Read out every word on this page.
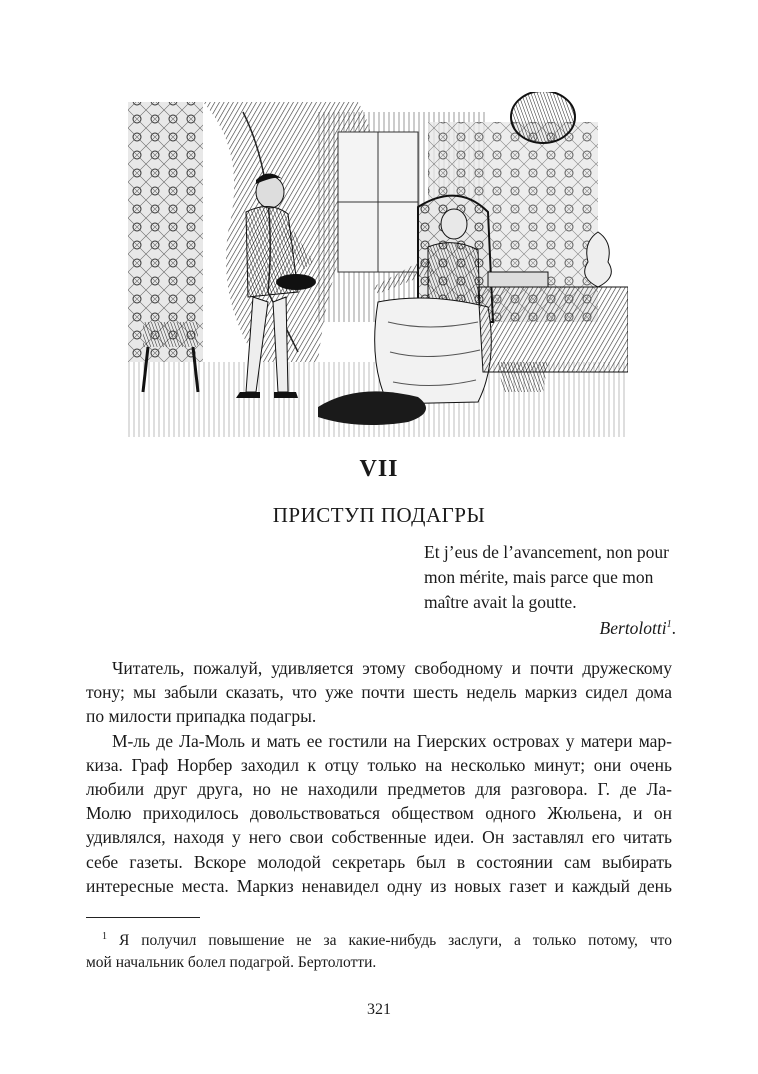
VII
ПРИСТУП ПОДАГРЫ
Et j’eus de l’avancement, non pour
mon mérite, mais parce que mon
maître avait la goutte.
Bertolotti$^1$.
Читатель, пожалуй, удивляется этому свободному и почти дружескому
тону; мы забыли сказать, что уже почти шесть недель маркиз сидел дома
по милости припадка подагры.
М-ль де Ла-Моль и мать ее гостили на Гиерских островах у матери мар-
киза. Граф Норбер заходил к отцу только на несколько минут; они очень
любили друг друга, но не находили предметов для разговора. Г. де Ла-
Молю приходилось довольствоваться обществом одного Жюльена, и он
удивлялся, находя у него свои собственные идеи. Он заставлял его читать
себе газеты. Вскоре молодой секретарь был в состоянии сам выбирать
интересные места. Маркиз ненавидел одну из новых газет и каждый день
$^1$ Я получил повышение не за какие-нибудь заслуги, а только потому, что
мой начальник болел подагрой. Бертолотти.
321
